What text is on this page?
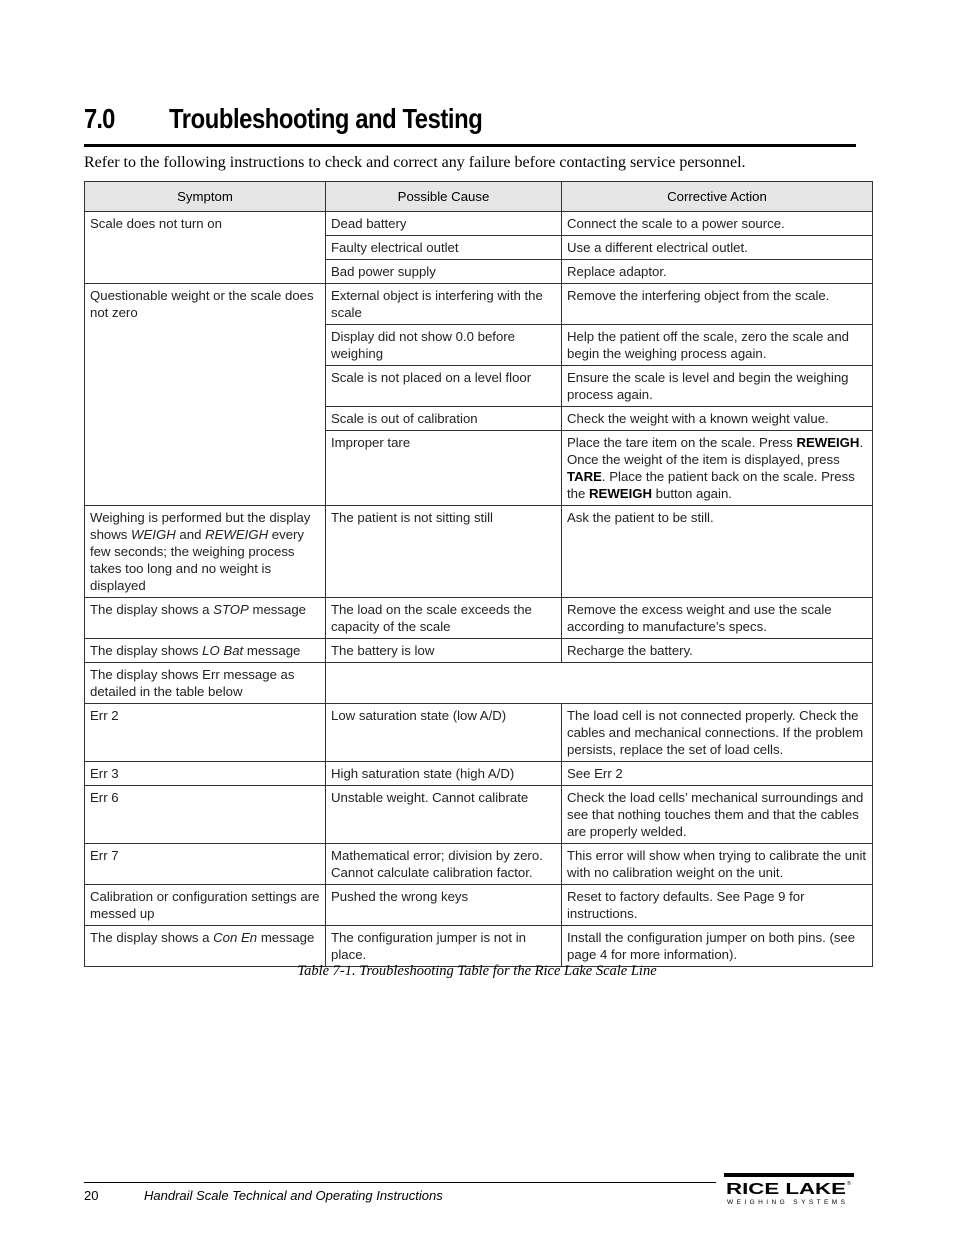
7.0 Troubleshooting and Testing
Refer to the following instructions to check and correct any failure before contacting service personnel.
Symptom	Possible Cause	Corrective Action
Scale does not turn on	Dead battery	Connect the scale to a power source.
	Faulty electrical outlet	Use a different electrical outlet.
	Bad power supply	Replace adaptor.
Questionable weight or the scale does not zero	External object is interfering with the scale	Remove the interfering object from the scale.
	Display did not show 0.0 before weighing	Help the patient off the scale, zero the scale and begin the weighing process again.
	Scale is not placed on a level floor	Ensure the scale is level and begin the weighing process again.
	Scale is out of calibration	Check the weight with a known weight value.
	Improper tare	Place the tare item on the scale. Press REWEIGH. Once the weight of the item is displayed, press TARE. Place the patient back on the scale. Press the REWEIGH button again.
Weighing is performed but the display shows WEIGH and REWEIGH every few seconds; the weighing process takes too long and no weight is displayed	The patient is not sitting still	Ask the patient to be still.
The display shows a STOP message	The load on the scale exceeds the capacity of the scale	Remove the excess weight and use the scale according to manufacture’s specs.
The display shows LO Bat message	The battery is low	Recharge the battery.
The display shows Err message as detailed in the table below		
Err 2	Low saturation state (low A/D)	The load cell is not connected properly. Check the cables and mechanical connections. If the problem persists, replace the set of load cells.
Err 3	High saturation state (high A/D)	See Err 2
Err 6	Unstable weight. Cannot calibrate	Check the load cells’ mechanical surroundings and see that nothing touches them and that the cables are properly welded.
Err 7	Mathematical error; division by zero. Cannot calculate calibration factor.	This error will show when trying to calibrate the unit with no calibration weight on the unit.
Calibration or configuration settings are messed up	Pushed the wrong keys	Reset to factory defaults. See Page 9 for instructions.
The display shows a Con En message	The configuration jumper is not in place.	Install the configuration jumper on both pins. (see page 4 for more information).
Table 7-1. Troubleshooting Table for the Rice Lake Scale Line
20	Handrail Scale Technical and Operating Instructions	RICE LAKE ®
WEIGHING SYSTEMS
